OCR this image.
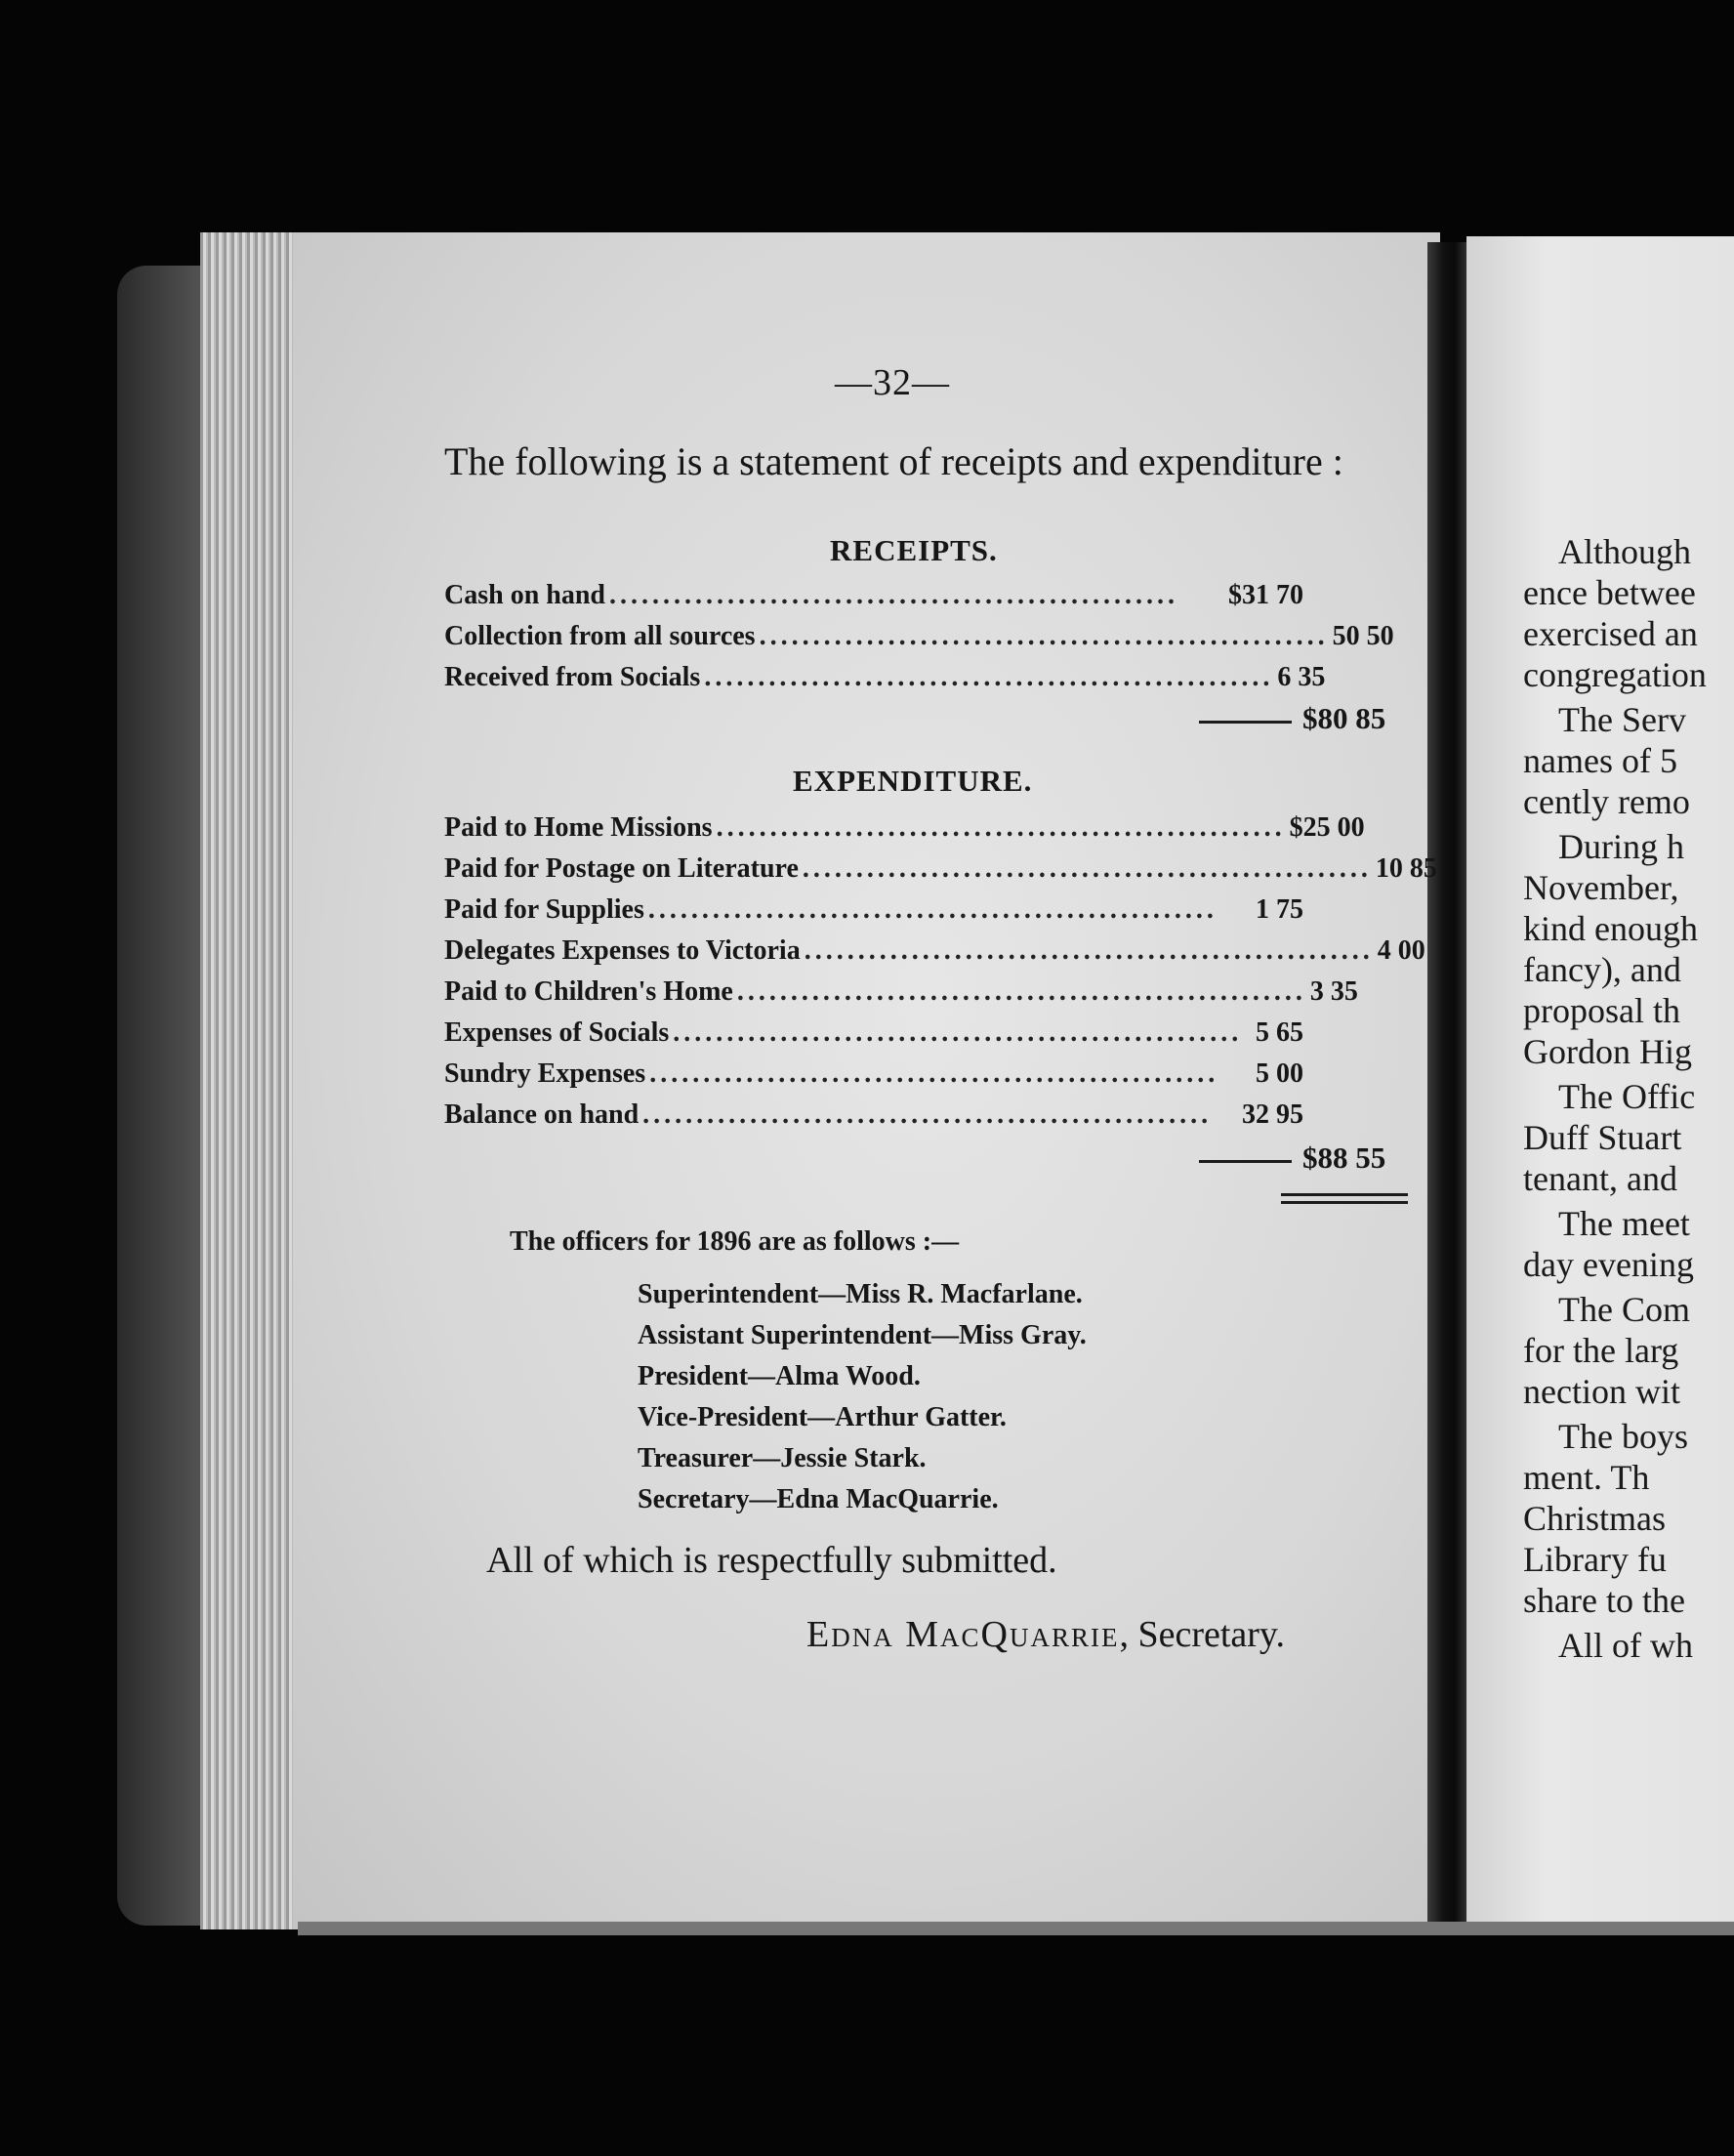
—32—
The following is a statement of receipts and expenditure :
RECEIPTS.
Cash on hand .....................................................	$31 70
Collection from all sources ..................................................... 50 50
Received from Socials ..................................................... 6 35
$80 85
EXPENDITURE.
Paid to Home Missions ..................................................... $25 00
Paid for Postage on Literature ..................................................... 10 85
Paid for Supplies .....................................................	1 75
Delegates Expenses to Victoria ..................................................... 4 00
Paid to Children's Home ..................................................... 3 35
Expenses of Socials ..................................................... 5 65
Sundry Expenses .....................................................	5 00
Balance on hand .....................................................	32 95
$88 55
The officers for 1896 are as follows :—
Superintendent—Miss R. Macfarlane.
Assistant Superintendent—Miss Gray.
President—Alma Wood.
Vice-President—Arthur Gatter.
Treasurer—Jessie Stark.
Secretary—Edna MacQuarrie.
All of which is respectfully submitted.
Edna MacQuarrie, Secretary.
Although
ence betwee
exercised an
congregation
The Serv
names of 5
cently remo
During h
November,
kind enough
fancy), and
proposal th
Gordon Hig
The Offic
Duff Stuart
tenant, and
The meet
day evening
The Com
for the larg
nection wit
The boys
ment. Th
Christmas
Library fu
share to the
All of wh
